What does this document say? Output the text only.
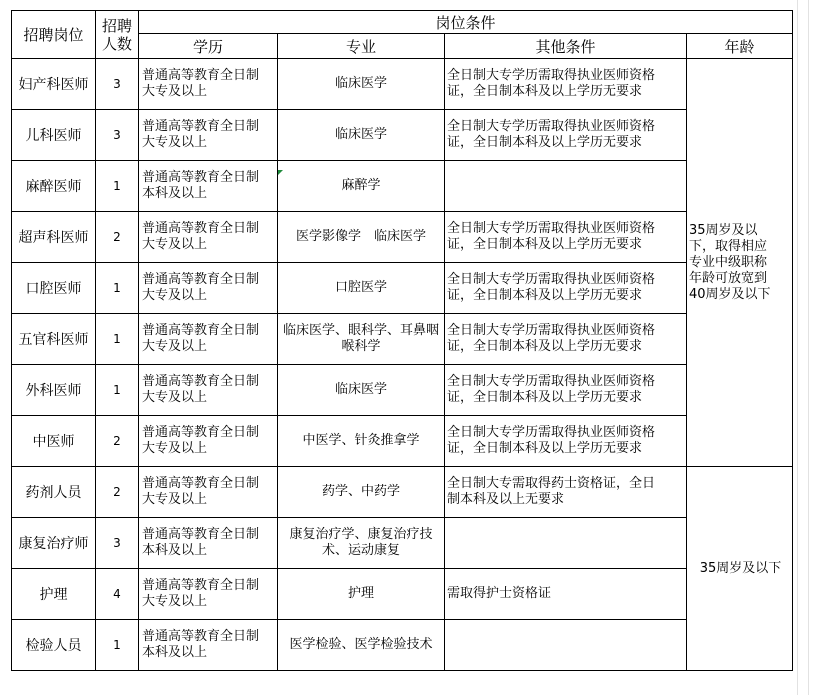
招聘岗位	招聘
人数	岗位条件			
		学历	专业	其他条件	年龄
妇产科医师	3	普通高等教育全日制
大专及以上	临床医学	全日制大专学历需取得执业医师资格
证，全日制本科及以上学历无要求	35周岁及以
下，取得相应
专业中级职称
年龄可放宽到
40周岁及以下
儿科医师	3	普通高等教育全日制
大专及以上	临床医学	全日制大专学历需取得执业医师资格
证，全日制本科及以上学历无要求	
麻醉医师	1	普通高等教育全日制
本科及以上	麻醉学		

超声科医师	2	普通高等教育全日制
大专及以上	医学影像学　临床医学	全日制大专学历需取得执业医师资格
证，全日制本科及以上学历无要求	
口腔医师	1	普通高等教育全日制
大专及以上	口腔医学	全日制大专学历需取得执业医师资格
证，全日制本科及以上学历无要求	
五官科医师	1	普通高等教育全日制
大专及以上	临床医学、眼科学、耳鼻咽喉科学	全日制大专学历需取得执业医师资格
证，全日制本科及以上学历无要求	
外科医师	1	普通高等教育全日制
大专及以上	临床医学	全日制大专学历需取得执业医师资格
证，全日制本科及以上学历无要求	
中医师	2	普通高等教育全日制
大专及以上	中医学、针灸推拿学	全日制大专学历需取得执业医师资格
证，全日制本科及以上学历无要求	
药剂人员	2	普通高等教育全日制
大专及以上	药学、中药学	全日制大专需取得药士资格证，全日
制本科及以上无要求	35周岁及以下
康复治疗师	3	普通高等教育全日制
本科及以上	康复治疗学、康复治疗技术、运动康复		

护理	4	普通高等教育全日制
大专及以上	护理	需取得护士资格证	

检验人员	1	普通高等教育全日制
本科及以上	医学检验、医学检验技术		
